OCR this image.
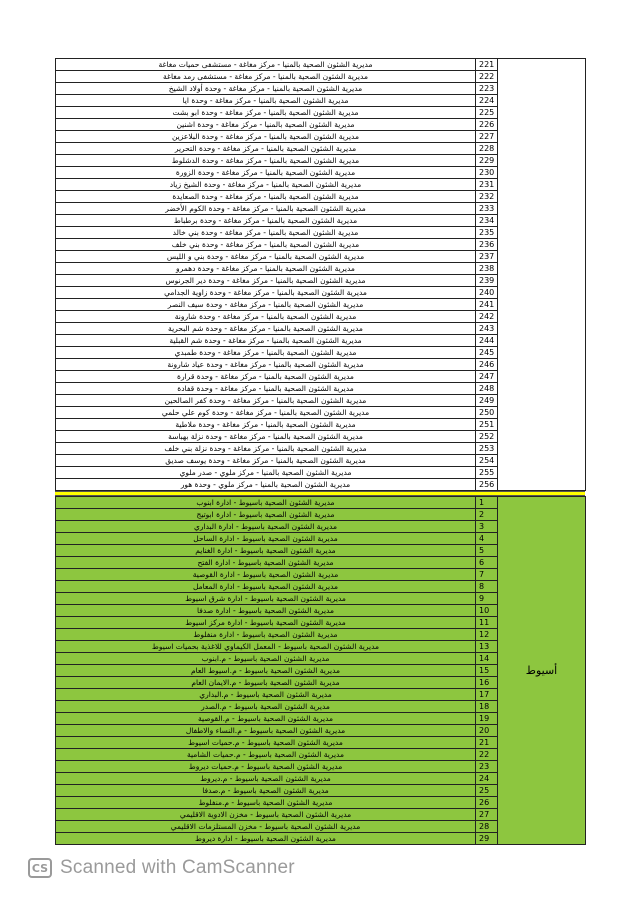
مديرية الشئون الصحية بالمنيا - مركز مغاغة - مستشفى حميات مغاغة	221	
مديرية الشئون الصحية بالمنيا - مركز مغاغة - مستشفى رمد مغاغة	222	
مديرية الشئون الصحية بالمنيا - مركز مغاغة - وحدة أولاد الشيخ	223	
مديرية الشئون الصحية بالمنيا - مركز مغاغة - وحدة ايا	224	
مديرية الشئون الصحية بالمنيا - مركز مغاغة - وحدة ابو بشت	225	
مديرية الشئون الصحية بالمنيا - مركز مغاغة - وحدة اشنين	226	
مديرية الشئون الصحية بالمنيا - مركز مغاغة - وحدة البلاعزين	227	
مديرية الشئون الصحية بالمنيا - مركز مغاغة - وحدة التحرير	228	
مديرية الشئون الصحية بالمنيا - مركز مغاغة - وحدة الدشلوط	229	
مديرية الشئون الصحية بالمنيا - مركز مغاغة - وحدة الزورة	230	
مديرية الشئون الصحية بالمنيا - مركز مغاغة - وحدة الشيخ زياد	231	
مديرية الشئون الصحية بالمنيا - مركز مغاغة - وحدة الصعايدة	232	
مديرية الشئون الصحية بالمنيا - مركز مغاغة - وحدة الكوم الأخضر	233	
مديرية الشئون الصحية بالمنيا - مركز مغاغة - وحدة برطباط	234	
مديرية الشئون الصحية بالمنيا - مركز مغاغة - وحدة بني خالد	235	
مديرية الشئون الصحية بالمنيا - مركز مغاغة - وحدة بني خلف	236	
مديرية الشئون الصحية بالمنيا - مركز مغاغة - وحدة بني و الليس	237	
مديرية الشئون الصحية بالمنيا - مركز مغاغة - وحدة دهمرو	238	
مديرية الشئون الصحية بالمنيا - مركز مغاغة - وحدة دير الجرنوس	239	
مديرية الشئون الصحية بالمنيا - مركز مغاغة - وحدة زاوية الجدامي	240	
مديرية الشئون الصحية بالمنيا - مركز مغاغة - وحدة سيف النصر	241	
مديرية الشئون الصحية بالمنيا - مركز مغاغة - وحدة شارونة	242	
مديرية الشئون الصحية بالمنيا - مركز مغاغة - وحدة شم البحرية	243	
مديرية الشئون الصحية بالمنيا - مركز مغاغة - وحدة شم القبلية	244	
مديرية الشئون الصحية بالمنيا - مركز مغاغة - وحدة طمبدي	245	
مديرية الشئون الصحية بالمنيا - مركز مغاغة - وحدة عياد شارونة	246	
مديرية الشئون الصحية بالمنيا - مركز مغاغة - وحدة قرارة	247	
مديرية الشئون الصحية بالمنيا - مركز مغاغة - وحدة قفادة	248	
مديرية الشئون الصحية بالمنيا - مركز مغاغة - وحدة كفر الصالحين	249	
مديرية الشئون الصحية بالمنيا - مركز مغاغة - وحدة كوم علي حلمي	250	
مديرية الشئون الصحية بالمنيا - مركز مغاغة - وحدة ملاطية	251	
مديرية الشئون الصحية بالمنيا - مركز مغاغة - وحدة نزلة بهباسة	252	
مديرية الشئون الصحية بالمنيا - مركز مغاغة - وحدة نزلة بني خلف	253	
مديرية الشئون الصحية بالمنيا - مركز مغاغة - وحدة يوسف صديق	254	
مديرية الشئون الصحية بالمنيا - مركز ملوي - صدر ملوي	255	
مديرية الشئون الصحية بالمنيا - مركز ملوي - وحدة هور	256	
مديرية الشئون الصحية باسيوط - ادارة ابنوب	1	أسيوط
مديرية الشئون الصحية باسيوط - ادارة ابوتيج	2	
مديرية الشئون الصحية باسيوط - ادارة البداري	3	
مديرية الشئون الصحية باسيوط - ادارة الساحل	4	
مديرية الشئون الصحية باسيوط - ادارة الغنايم	5	
مديرية الشئون الصحية باسيوط - ادارة الفتح	6	
مديرية الشئون الصحية باسيوط - ادارة القوصية	7	
مديرية الشئون الصحية باسيوط - ادارة المعامل	8	
مديرية الشئون الصحية باسيوط - ادارة شرق اسيوط	9	
مديرية الشئون الصحية باسيوط - ادارة صدفا	10	
مديرية الشئون الصحية باسيوط - ادارة مركز اسيوط	11	
مديرية الشئون الصحية باسيوط - ادارة منفلوط	12	
مديرية الشئون الصحية باسيوط - المعمل الكيماوي للاغذية بحميات اسيوط	13	
مديرية الشئون الصحية باسيوط - م.ابنوب	14	
مديرية الشئون الصحية باسيوط - م.اسيوط العام	15	
مديرية الشئون الصحية باسيوط - م.الايمان العام	16	
مديرية الشئون الصحية باسيوط - م.البداري	17	
مديرية الشئون الصحية باسيوط - م.الصدر	18	
مديرية الشئون الصحية باسيوط - م.القوصية	19	
مديرية الشئون الصحية باسيوط - م.النساء والاطفال	20	
مديرية الشئون الصحية باسيوط - م.حميات اسيوط	21	
مديرية الشئون الصحية باسيوط - م.حميات الشامية	22	
مديرية الشئون الصحية باسيوط - م.حميات ديروط	23	
مديرية الشئون الصحية باسيوط - م.ديروط	24	
مديرية الشئون الصحية باسيوط - م.صدفا	25	
مديرية الشئون الصحية باسيوط - م.منفلوط	26	
مديرية الشئون الصحية باسيوط - مخزن الادوية الاقليمي	27	
مديرية الشئون الصحية باسيوط - مخزن المستلزمات الاقليمي	28	
مديرية الشئون الصحية باسيوط - ادارة ديروط	29	
CS Scanned with CamScanner
